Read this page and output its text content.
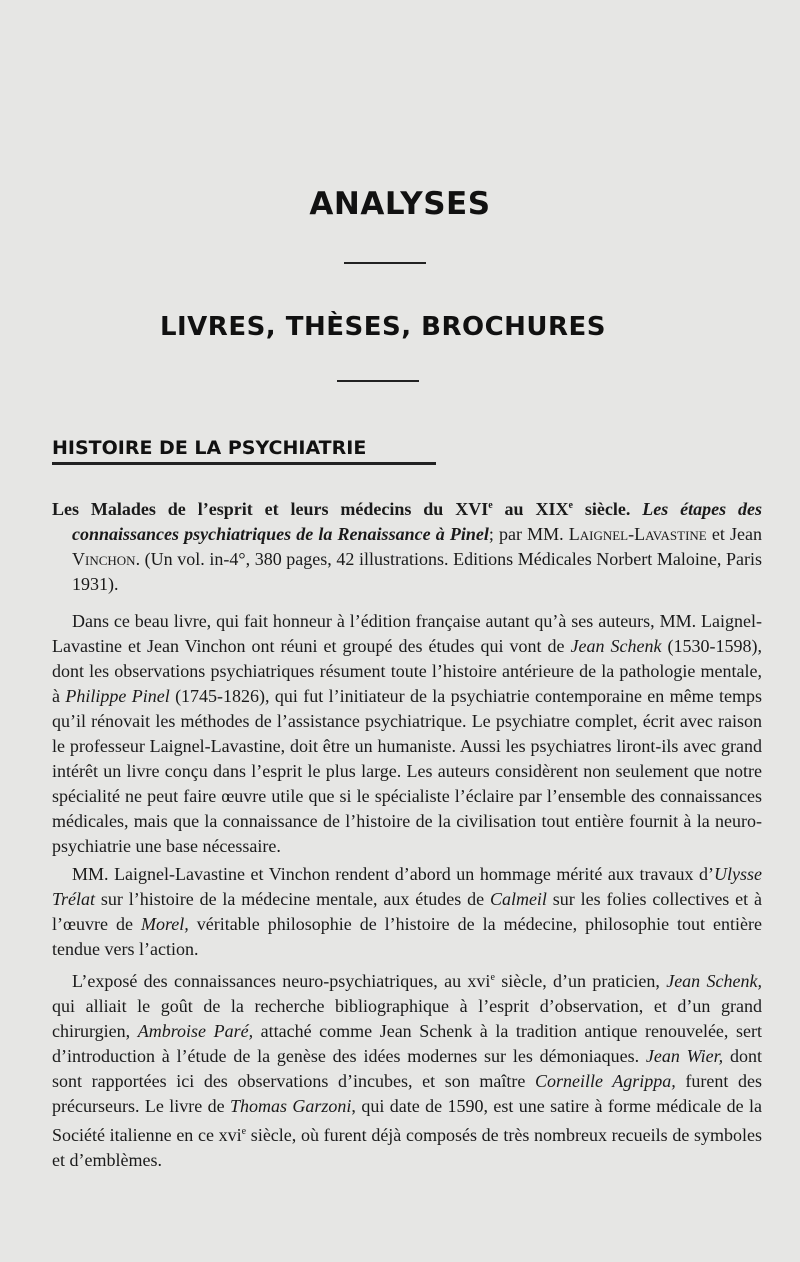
ANALYSES
LIVRES, THÈSES, BROCHURES
HISTOIRE DE LA PSYCHIATRIE

Les Malades de l’esprit et leurs médecins du XVIe au XIXe siècle. Les étapes des connaissances psychiatriques de la Renaissance à Pinel; par MM. Laignel-Lavastine et Jean Vinchon. (Un vol. in-4°, 380 pages, 42 illustrations. Editions Médicales Norbert Maloine, Paris 1931).

Dans ce beau livre, qui fait honneur à l’édition française autant qu’à ses auteurs, MM. Laignel-Lavastine et Jean Vinchon ont réuni et groupé des études qui vont de Jean Schenk (1530-1598), dont les observations psychiatriques résument toute l’histoire antérieure de la pathologie mentale, à Philippe Pinel (1745-1826), qui fut l’initiateur de la psychiatrie contemporaine en même temps qu’il rénovait les méthodes de l’assistance psychiatrique. Le psychiatre complet, écrit avec raison le professeur Laignel-Lavastine, doit être un humaniste. Aussi les psychiatres liront-ils avec grand intérêt un livre conçu dans l’esprit le plus large. Les auteurs considèrent non seulement que notre spécialité ne peut faire œuvre utile que si le spécialiste l’éclaire par l’ensemble des connaissances médicales, mais que la connaissance de l’histoire de la civilisation tout entière fournit à la neuro-psychiatrie une base nécessaire.

MM. Laignel-Lavastine et Vinchon rendent d’abord un hommage mérité aux travaux d’Ulysse Trélat sur l’histoire de la médecine mentale, aux études de Calmeil sur les folies collectives et à l’œuvre de Morel, véritable philosophie de l’histoire de la médecine, philosophie tout entière tendue vers l’action.

L’exposé des connaissances neuro-psychiatriques, au xvi$^e$ siècle, d’un praticien, Jean Schenk, qui alliait le goût de la recherche bibliographique à l’esprit d’observation, et d’un grand chirurgien, Ambroise Paré, attaché comme Jean Schenk à la tradition antique renouvelée, sert d’introduction à l’étude de la genèse des idées modernes sur les démoniaques. Jean Wier, dont sont rapportées ici des observations d’incubes, et son maître Corneille Agrippa, furent des précurseurs. Le livre de Thomas Garzoni, qui date de 1590, est une satire à forme médicale de la Société italienne en ce xvi$^e$ siècle, où furent déjà composés de très nombreux recueils de symboles et d’emblèmes.
